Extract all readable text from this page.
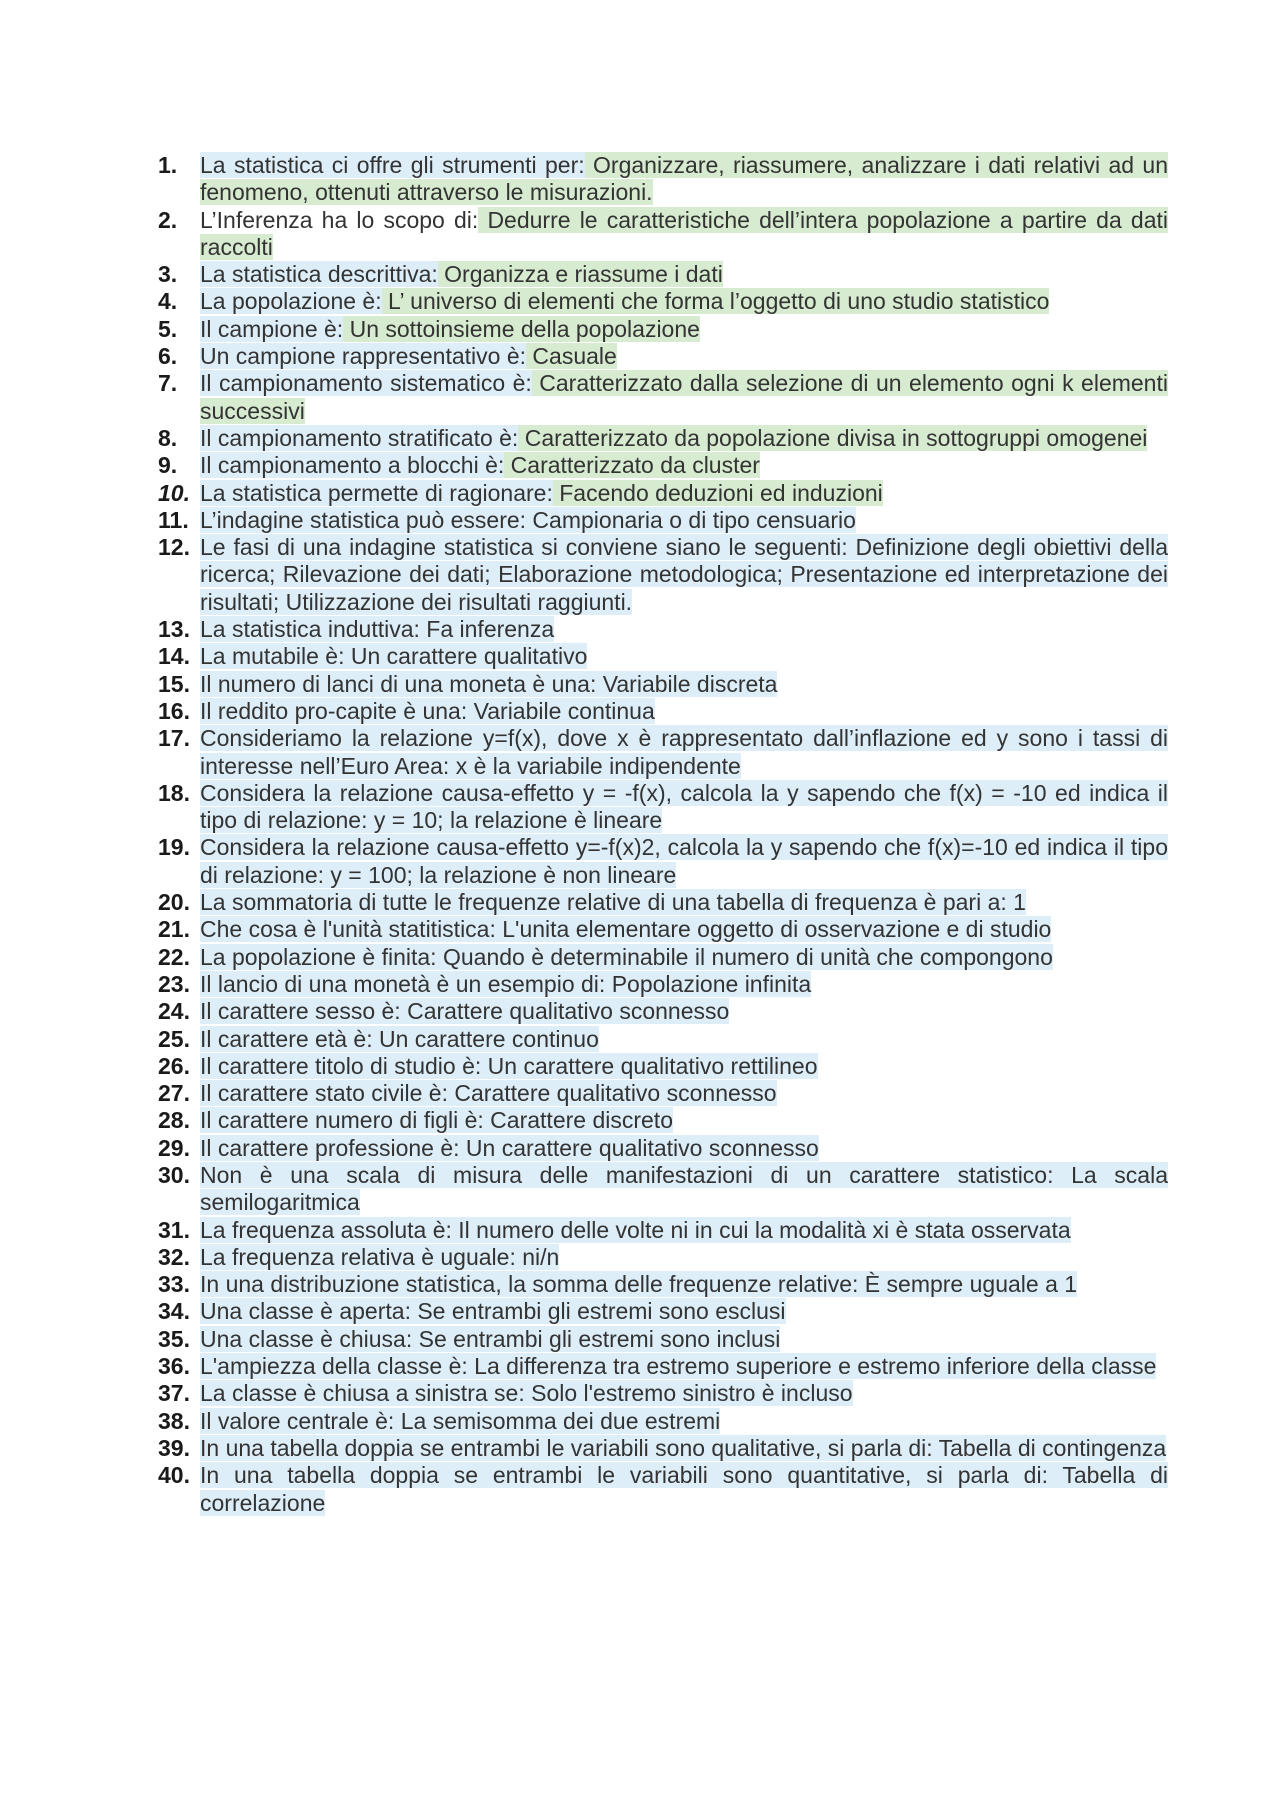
1. La statistica ci offre gli strumenti per: Organizzare, riassumere, analizzare i dati relativi ad un fenomeno, ottenuti attraverso le misurazioni.
2. L’Inferenza ha lo scopo di: Dedurre le caratteristiche dell’intera popolazione a partire da dati raccolti
3. La statistica descrittiva: Organizza e riassume i dati
4. La popolazione è: L’ universo di elementi che forma l’oggetto di uno studio statistico
5. Il campione è: Un sottoinsieme della popolazione
6. Un campione rappresentativo è: Casuale
7. Il campionamento sistematico è: Caratterizzato dalla selezione di un elemento ogni k elementi successivi
8. Il campionamento stratificato è: Caratterizzato da popolazione divisa in sottogruppi omogenei
9. Il campionamento a blocchi è: Caratterizzato da cluster
10. La statistica permette di ragionare: Facendo deduzioni ed induzioni
11. L’indagine statistica può essere: Campionaria o di tipo censuario
12. Le fasi di una indagine statistica si conviene siano le seguenti: Definizione degli obiettivi della ricerca; Rilevazione dei dati; Elaborazione metodologica; Presentazione ed interpretazione dei risultati; Utilizzazione dei risultati raggiunti.
13. La statistica induttiva: Fa inferenza
14. La mutabile è: Un carattere qualitativo
15. Il numero di lanci di una moneta è una: Variabile discreta
16. Il reddito pro-capite è una: Variabile continua
17. Consideriamo la relazione y=f(x), dove x è rappresentato dall’inflazione ed y sono i tassi di interesse nell’Euro Area: x è la variabile indipendente
18. Considera la relazione causa-effetto y = -f(x), calcola la y sapendo che f(x) = -10 ed indica il tipo di relazione: y = 10; la relazione è lineare
19. Considera la relazione causa-effetto y=-f(x)2, calcola la y sapendo che f(x)=-10 ed indica il tipo di relazione: y = 100; la relazione è non lineare
20. La sommatoria di tutte le frequenze relative di una tabella di frequenza è pari a: 1
21. Che cosa è l'unità statitistica: L'unita elementare oggetto di osservazione e di studio
22. La popolazione è finita: Quando è determinabile il numero di unità che compongono
23. Il lancio di una monetà è un esempio di: Popolazione infinita
24. Il carattere sesso è: Carattere qualitativo sconnesso
25. Il carattere età è: Un carattere continuo
26. Il carattere titolo di studio è: Un carattere qualitativo rettilineo
27. Il carattere stato civile è: Carattere qualitativo sconnesso
28. Il carattere numero di figli è: Carattere discreto
29. Il carattere professione è: Un carattere qualitativo sconnesso
30. Non è una scala di misura delle manifestazioni di un carattere statistico: La scala semilogaritmica
31. La frequenza assoluta è: Il numero delle volte ni in cui la modalità xi è stata osservata
32. La frequenza relativa è uguale: ni/n
33. In una distribuzione statistica, la somma delle frequenze relative: È sempre uguale a 1
34. Una classe è aperta: Se entrambi gli estremi sono esclusi
35. Una classe è chiusa: Se entrambi gli estremi sono inclusi
36. L'ampiezza della classe è: La differenza tra estremo superiore e estremo inferiore della classe
37. La classe è chiusa a sinistra se: Solo l'estremo sinistro è incluso
38. Il valore centrale è: La semisomma dei due estremi
39. In una tabella doppia se entrambi le variabili sono qualitative, si parla di: Tabella di contingenza
40. In una tabella doppia se entrambi le variabili sono quantitative, si parla di: Tabella di correlazione
